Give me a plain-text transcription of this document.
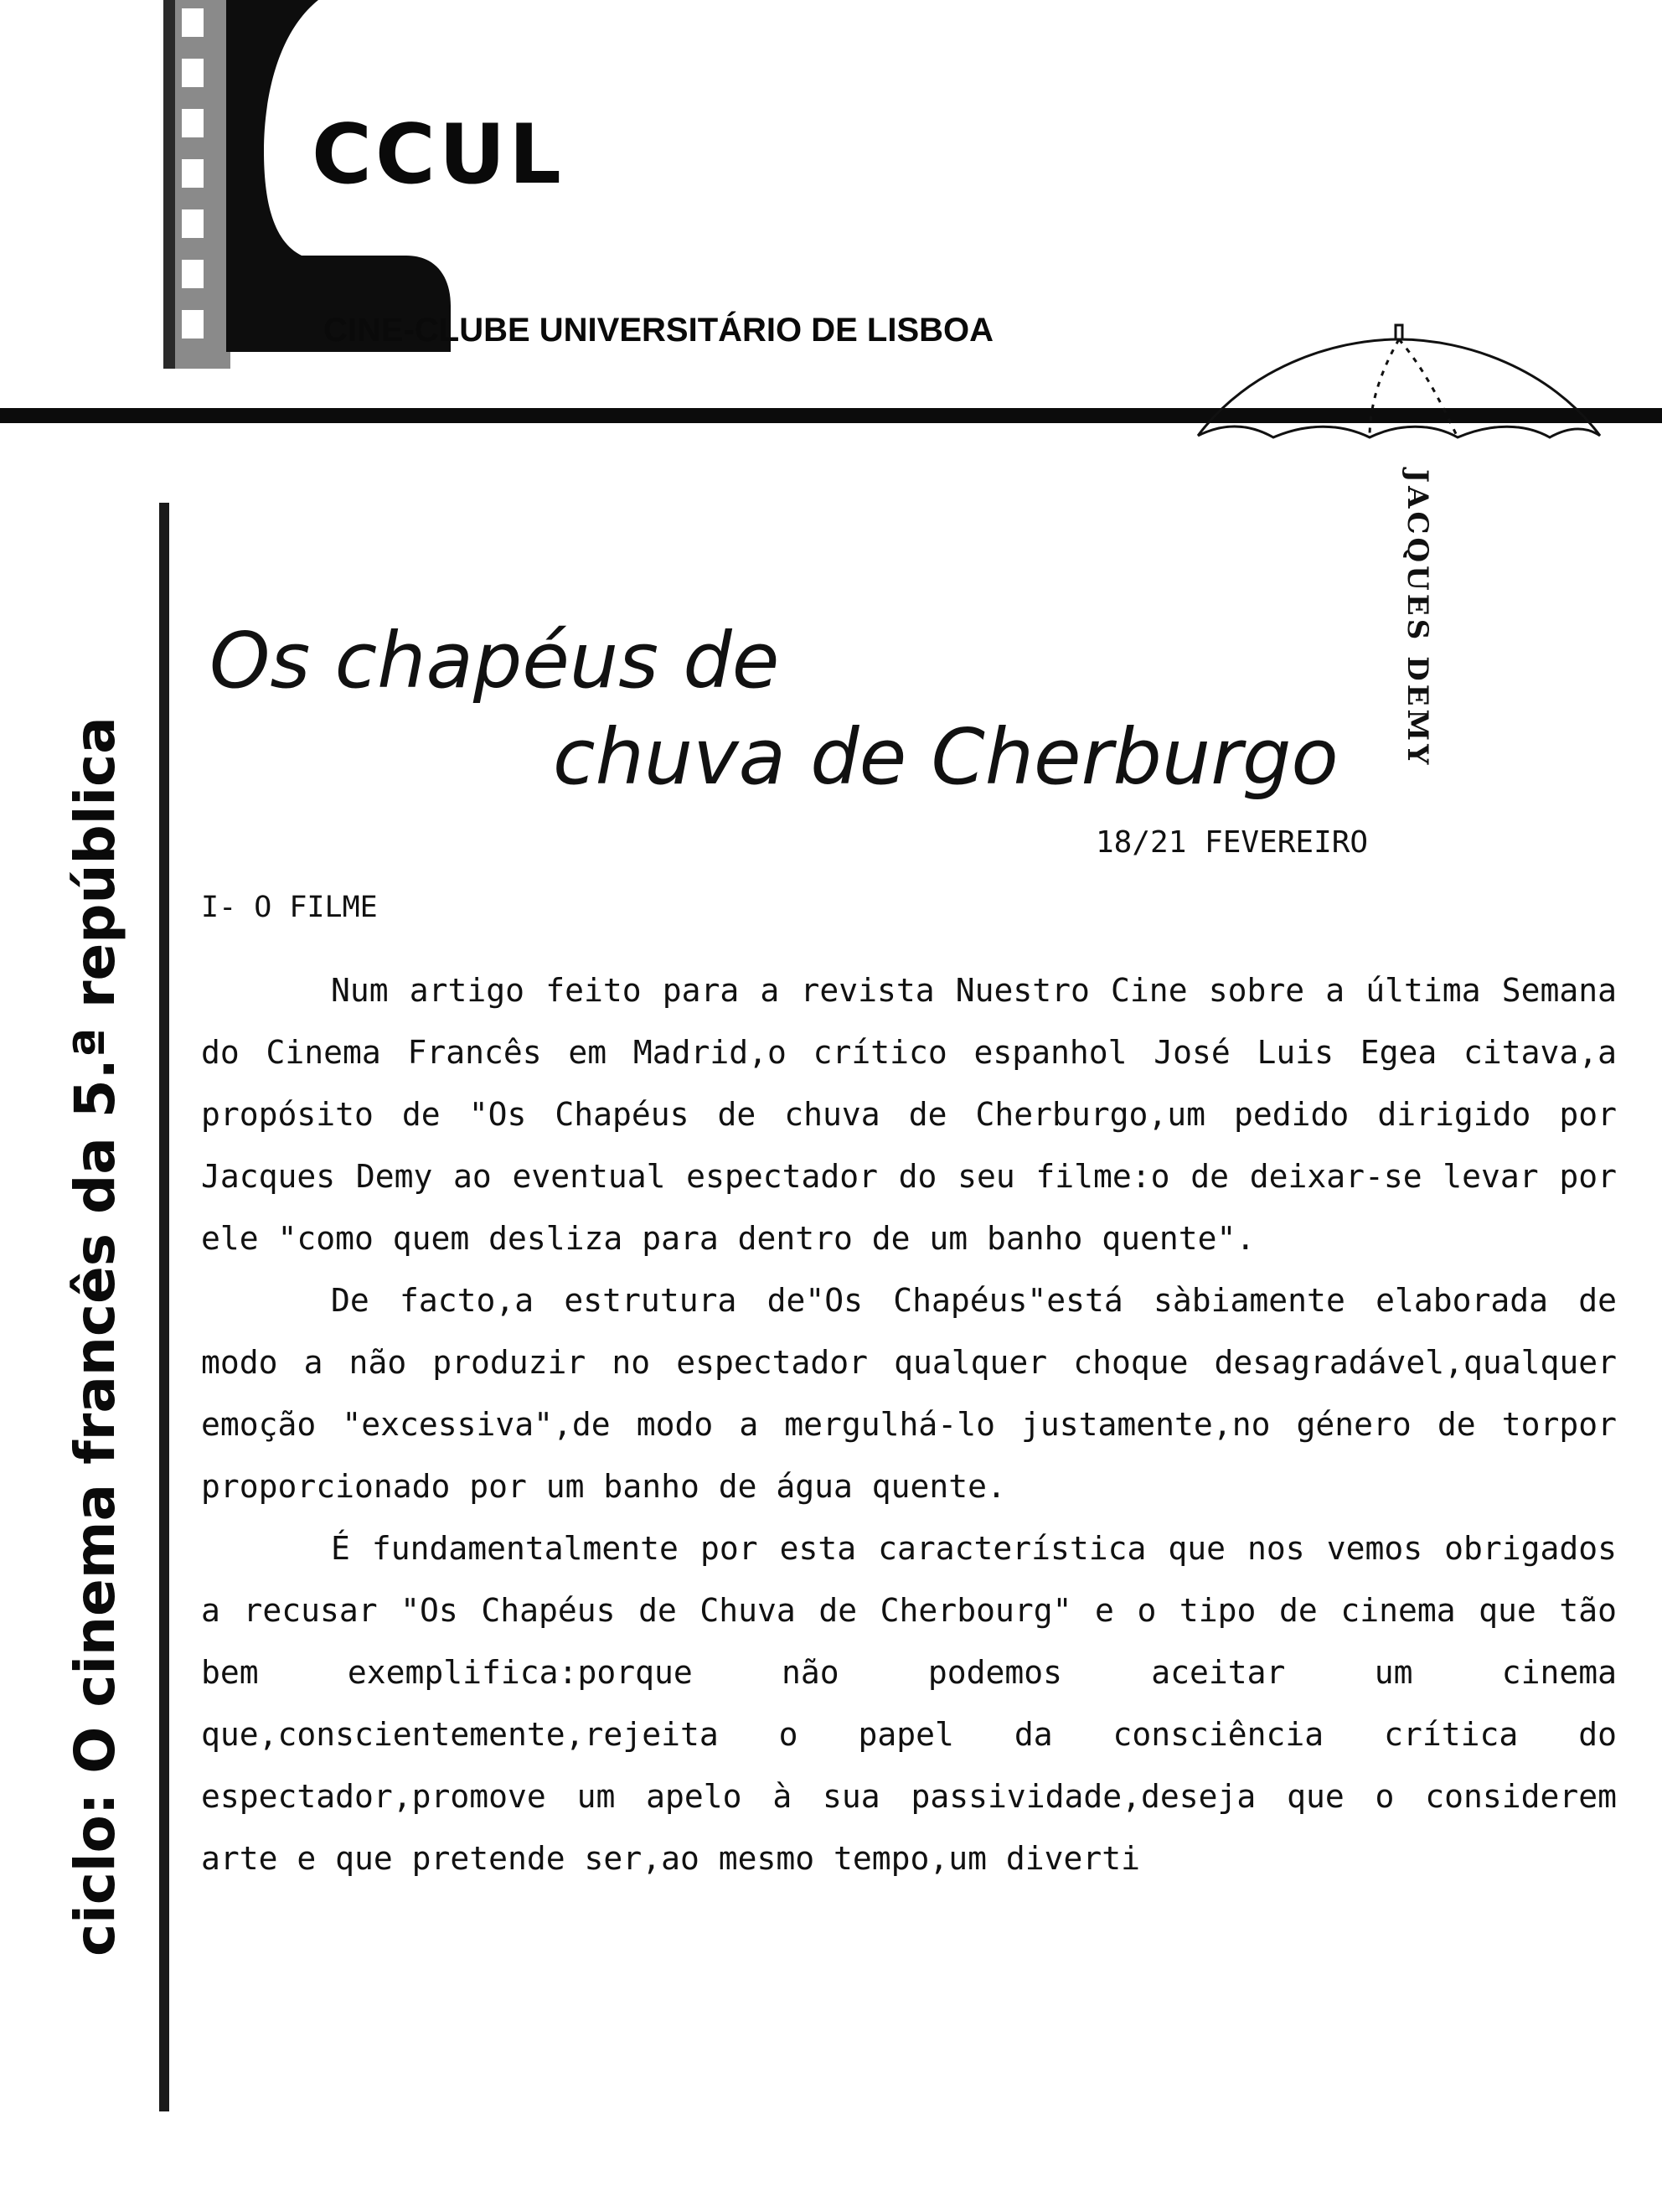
CCUL
CINE-CLUBE UNIVERSITÁRIO DE LISBOA
ciclo: O cinema francês da 5.ª república
JACQUES DEMY
Os chapéus de
chuva de Cherburgo
18/21 FEVEREIRO
I- O FILME

Num artigo feito para a revista Nuestro Cine sobre a última Semana do Cinema Francês em Madrid,o crítico espanhol José Luis Egea citava,a propósito de "Os Chapéus de chuva de Cherburgo,um pedido dirigido por Jacques Demy ao eventual espectador do seu filme:o de deixar-se levar por ele "como quem desliza para dentro de um banho quente".

De facto,a estrutura de"Os Chapéus"está sàbiamente elaborada de modo a não produzir no espectador qualquer choque desagradável,qualquer emoção "excessiva",de modo a mergulhá-lo justamente,no género de torpor proporcionado por um banho de água quente.

É fundamentalmente por esta característica que nos vemos obrigados a recusar "Os Chapéus de Chuva de Cherbourg" e o tipo de cinema que tão bem exemplifica:porque não podemos aceitar um cinema que,conscientemente,rejeita o papel da consciência crítica do espectador,promove um apelo à sua passividade,deseja que o considerem arte e que pretende ser,ao mesmo tempo,um diverti
